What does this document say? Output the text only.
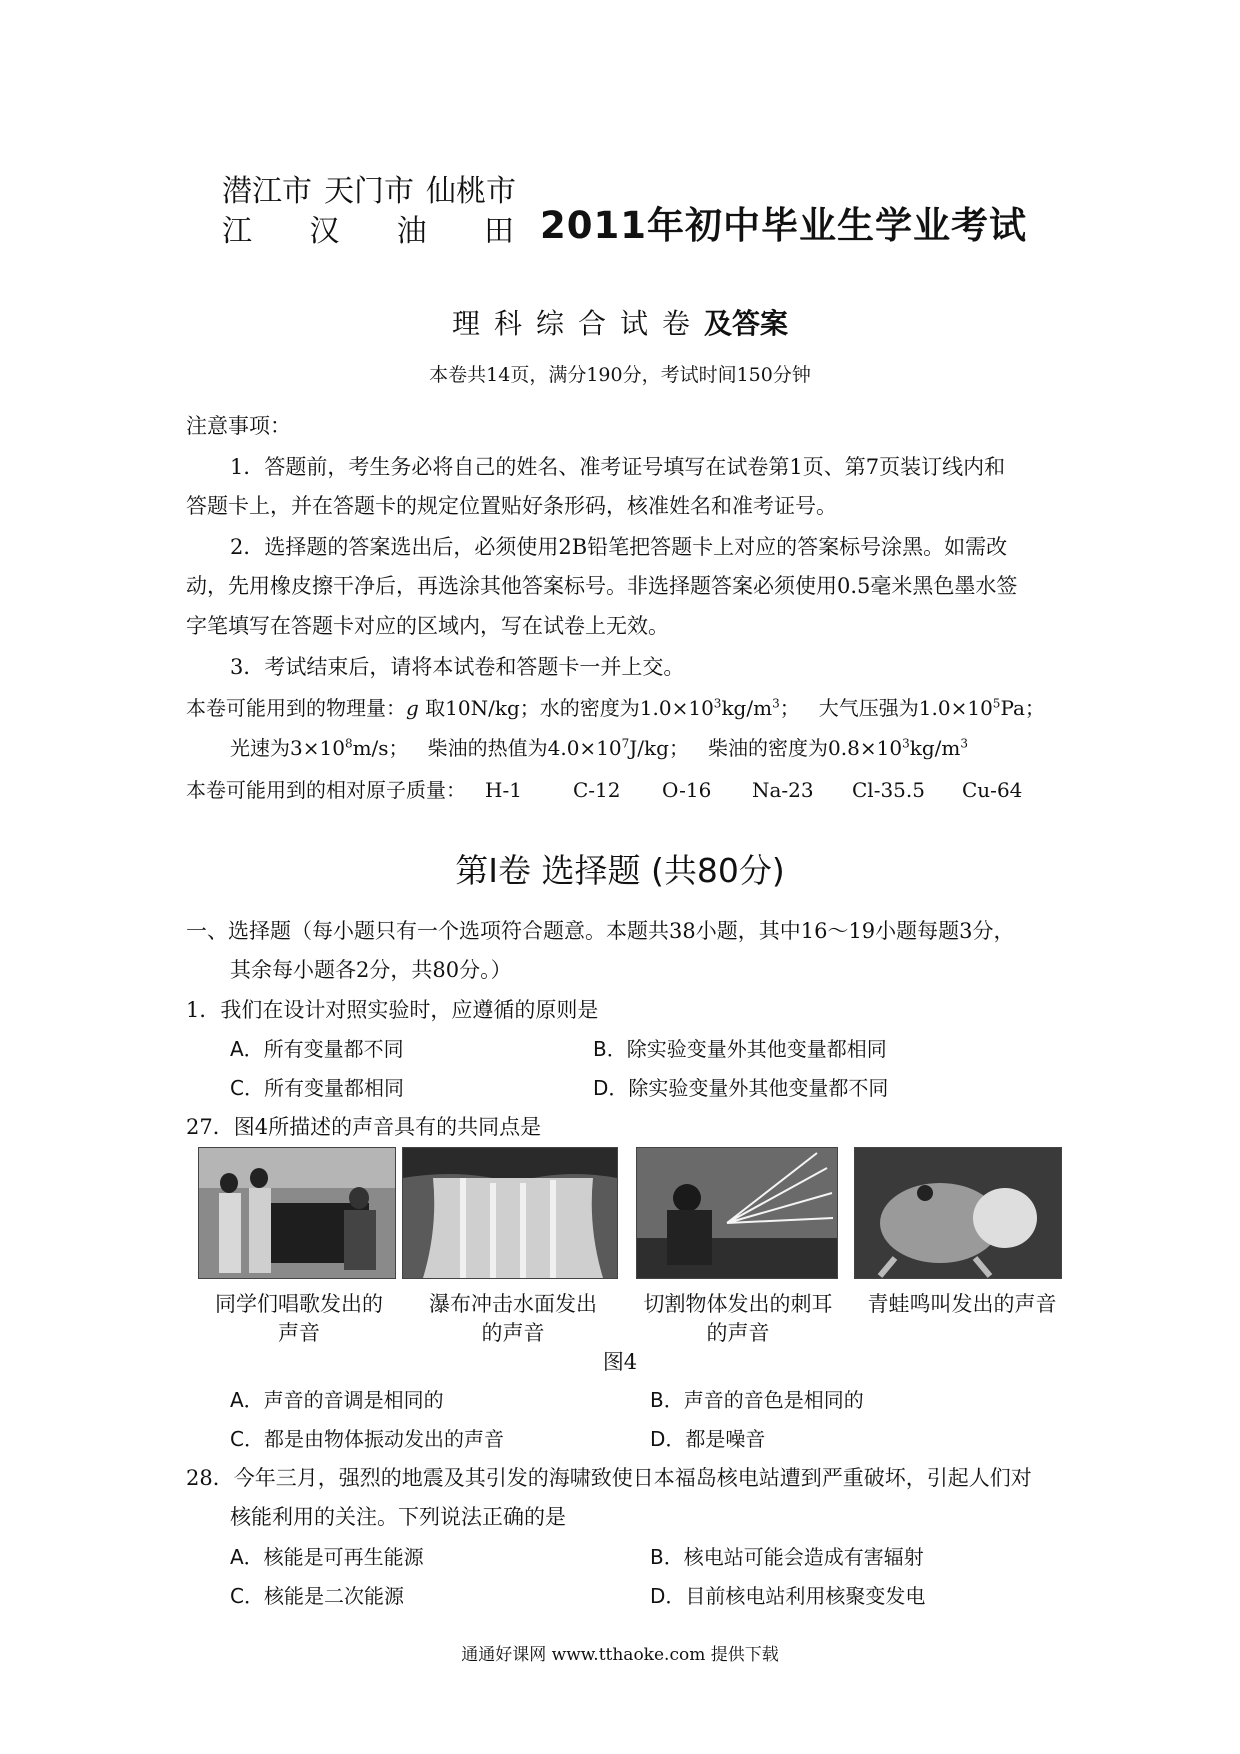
潜江市 天门市 仙桃市
江 汉 油 田 2011年初中毕业生学业考试
理科综合试卷及答案
本卷共14页，满分190分，考试时间150分钟
注意事项：
1．答题前，考生务必将自己的姓名、准考证号填写在试卷第1页、第7页装订线内和
答题卡上，并在答题卡的规定位置贴好条形码，核准姓名和准考证号。
2．选择题的答案选出后，必须使用2B铅笔把答题卡上对应的答案标号涂黑。如需改
动，先用橡皮擦干净后，再选涂其他答案标号。非选择题答案必须使用0.5毫米黑色墨水签
字笔填写在答题卡对应的区域内，写在试卷上无效。
3．考试结束后，请将本试卷和答题卡一并上交。
本卷可能用到的物理量：g 取10N/kg；水的密度为$1.0\times 10^3kg/m^3$； 大气压强为$1.0\times 10^5Pa$；
光速为$3\times 10^8m/s$； 柴油的热值为$4.0\times 10^7J/kg$； 柴油的密度为$0.8\times 10^3kg/m^3$
本卷可能用到的相对原子质量： H-1	C-12 O-16 Na-23 Cl-35.5 Cu-64
第Ⅰ卷 选择题 (共80分)
一、选择题（每小题只有一个选项符合题意。本题共38小题，其中16～19小题每题3分，
其余每小题各2分，共80分。）
1．我们在设计对照实验时，应遵循的原则是
A．所有变量都不同	B．除实验变量外其他变量都相同
C．所有变量都相同	D．除实验变量外其他变量都不同
27．图4所描述的声音具有的共同点是
同学们唱歌发出的声音
瀑布冲击水面发出的声音
切割物体发出的刺耳的声音
青蛙鸣叫发出的声音
图4
A．声音的音调是相同的	B．声音的音色是相同的
C．都是由物体振动发出的声音	D．都是噪音
28．今年三月，强烈的地震及其引发的海啸致使日本福岛核电站遭到严重破坏，引起人们对
核能利用的关注。下列说法正确的是
A．核能是可再生能源	B．核电站可能会造成有害辐射
C．核能是二次能源	D．目前核电站利用核聚变发电
通通好课网 www.tthaoke.com 提供下载
